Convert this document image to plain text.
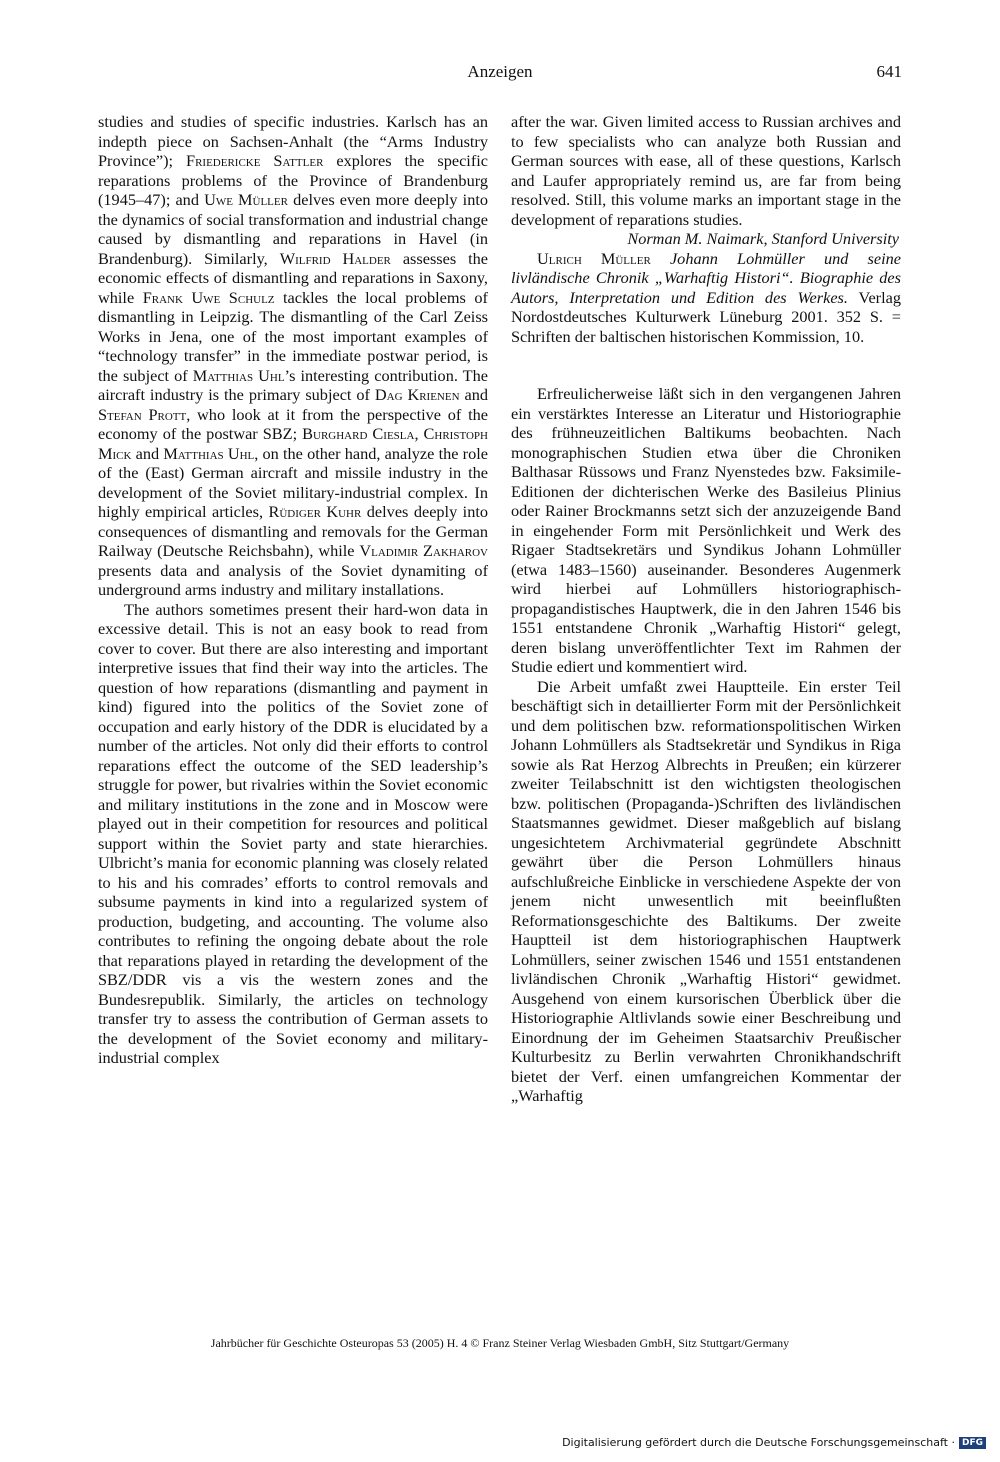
Anzeigen	641

studies and studies of specific industries. Karlsch has an indepth piece on Sachsen-Anhalt (the “Arms Industry Province”); Friedericke Sattler explores the specific reparations problems of the Province of Brandenburg (1945–47); and Uwe Müller delves even more deeply into the dynamics of social transformation and industrial change caused by dismantling and reparations in Havel (in Brandenburg). Similarly, Wilfrid Halder assesses the economic effects of dismantling and reparations in Saxony, while Frank Uwe Schulz tackles the local problems of dismantling in Leipzig. The dismantling of the Carl Zeiss Works in Jena, one of the most important examples of “technology transfer” in the immediate postwar period, is the subject of Matthias Uhl’s interesting contribution. The aircraft industry is the primary subject of Dag Krienen and Stefan Prott, who look at it from the perspective of the economy of the postwar SBZ; Burghard Ciesla, Christoph Mick and Matthias Uhl, on the other hand, analyze the role of the (East) German aircraft and missile industry in the development of the Soviet military-industrial complex. In highly empirical articles, Rüdiger Kuhr delves deeply into consequences of dismantling and removals for the German Railway (Deutsche Reichsbahn), while Vladimir Zakharov presents data and analysis of the Soviet dynamiting of underground arms industry and military installations.

The authors sometimes present their hard-won data in excessive detail. This is not an easy book to read from cover to cover. But there are also interesting and important interpretive issues that find their way into the articles. The question of how reparations (dismantling and payment in kind) figured into the politics of the Soviet zone of occupation and early history of the DDR is elucidated by a number of the articles. Not only did their efforts to control reparations effect the outcome of the SED leadership’s struggle for power, but rivalries within the Soviet economic and military institutions in the zone and in Moscow were played out in their competition for resources and political support within the Soviet party and state hierarchies. Ulbricht’s mania for economic planning was closely related to his and his comrades’ efforts to control removals and subsume payments in kind into a regularized system of production, budgeting, and accounting. The volume also contributes to refining the ongoing debate about the role that reparations played in retarding the development of the SBZ/DDR vis a vis the western zones and the Bundesrepublik. Similarly, the articles on technology transfer try to assess the contribution of German assets to the development of the Soviet economy and military-industrial complex

after the war. Given limited access to Russian archives and to few specialists who can analyze both Russian and German sources with ease, all of these questions, Karlsch and Laufer appropriately remind us, are far from being resolved. Still, this volume marks an important stage in the development of reparations studies.

Norman M. Naimark, Stanford University

Ulrich Müller Johann Lohmüller und seine livländische Chronik „Warhaftig Histori“. Biographie des Autors, Interpretation und Edition des Werkes. Verlag Nordostdeutsches Kulturwerk Lüneburg 2001. 352 S. = Schriften der baltischen historischen Kommission, 10.

Erfreulicherweise läßt sich in den vergangenen Jahren ein verstärktes Interesse an Literatur und Historiographie des frühneuzeitlichen Baltikums beobachten. Nach monographischen Studien etwa über die Chroniken Balthasar Rüssows und Franz Nyenstedes bzw. Faksimile-Editionen der dichterischen Werke des Basileius Plinius oder Rainer Brockmanns setzt sich der anzuzeigende Band in eingehender Form mit Persönlichkeit und Werk des Rigaer Stadtsekretärs und Syndikus Johann Lohmüller (etwa 1483–1560) auseinander. Besonderes Augenmerk wird hierbei auf Lohmüllers historiographisch-propagandistisches Hauptwerk, die in den Jahren 1546 bis 1551 entstandene Chronik „Warhaftig Histori“ gelegt, deren bislang unveröffentlichter Text im Rahmen der Studie ediert und kommentiert wird.

Die Arbeit umfaßt zwei Hauptteile. Ein erster Teil beschäftigt sich in detaillierter Form mit der Persönlichkeit und dem politischen bzw. reformationspolitischen Wirken Johann Lohmüllers als Stadtsekretär und Syndikus in Riga sowie als Rat Herzog Albrechts in Preußen; ein kürzerer zweiter Teilabschnitt ist den wichtigsten theologischen bzw. politischen (Propaganda-)Schriften des livländischen Staatsmannes gewidmet. Dieser maßgeblich auf bislang ungesichtetem Archivmaterial gegründete Abschnitt gewährt über die Person Lohmüllers hinaus aufschlußreiche Einblicke in verschiedene Aspekte der von jenem nicht unwesentlich mit beeinflußten Reformationsgeschichte des Baltikums. Der zweite Hauptteil ist dem historiographischen Hauptwerk Lohmüllers, seiner zwischen 1546 und 1551 entstandenen livländischen Chronik „Warhaftig Histori“ gewidmet. Ausgehend von einem kursorischen Überblick über die Historiographie Altlivlands sowie einer Beschreibung und Einordnung der im Geheimen Staatsarchiv Preußischer Kulturbesitz zu Berlin verwahrten Chronikhandschrift bietet der Verf. einen umfangreichen Kommentar der „Warhaftig

Jahrbücher für Geschichte Osteuropas 53 (2005) H. 4 © Franz Steiner Verlag Wiesbaden GmbH, Sitz Stuttgart/Germany
Digitalisierung gefördert durch die Deutsche Forschungsgemeinschaft · DFG
